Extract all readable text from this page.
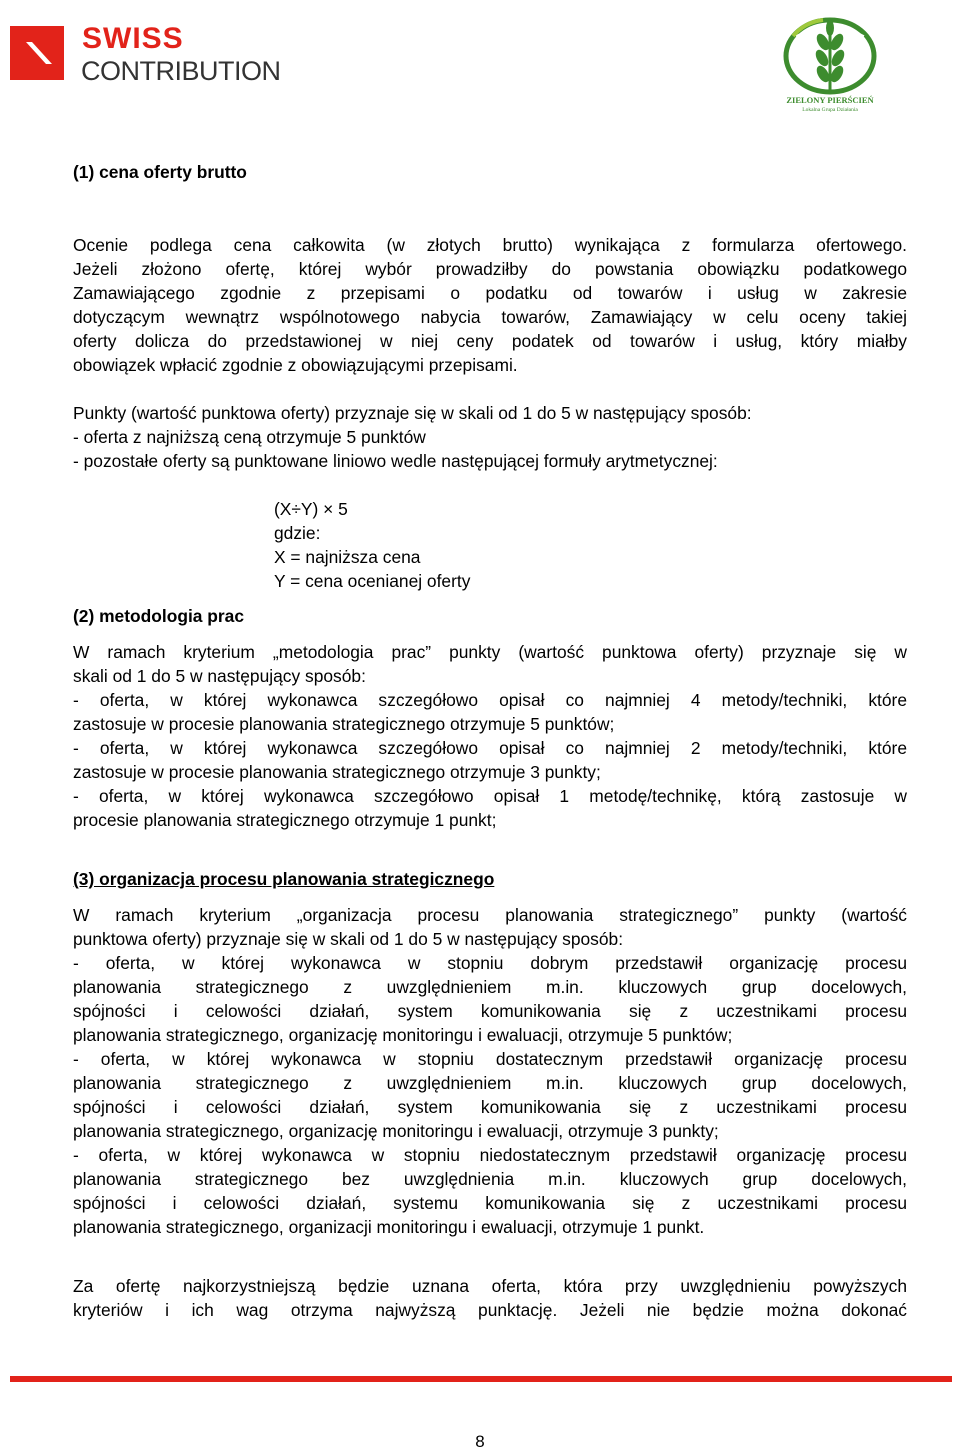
SWISS
CONTRIBUTION
ZIELONY PIERŚCIEŃ
Lokalna Grupa Działania
(1) cena oferty brutto
Ocenie podlega cena całkowita (w złotych brutto) wynikająca z formularza ofertowego.
Jeżeli złożono ofertę, której wybór prowadziłby do powstania obowiązku podatkowego
Zamawiającego zgodnie z przepisami o podatku od towarów i usług w zakresie
dotyczącym wewnątrz wspólnotowego nabycia towarów, Zamawiający w celu oceny takiej
oferty dolicza do przedstawionej w niej ceny podatek od towarów i usług, który miałby
obowiązek wpłacić zgodnie z obowiązującymi przepisami.
Punkty (wartość punktowa oferty) przyznaje się w skali od 1 do 5 w następujący sposób:
- oferta z najniższą ceną otrzymuje 5 punktów
- pozostałe oferty są punktowane liniowo wedle następującej formuły arytmetycznej:
(X÷Y) × 5
gdzie:
X = najniższa cena
Y = cena ocenianej oferty
(2) metodologia prac
W ramach kryterium „metodologia prac” punkty (wartość punktowa oferty) przyznaje się w
skali od 1 do 5 w następujący sposób:
- oferta, w której wykonawca szczegółowo opisał co najmniej 4 metody/techniki, które
zastosuje w procesie planowania strategicznego otrzymuje 5 punktów;
- oferta, w której wykonawca szczegółowo opisał co najmniej 2 metody/techniki, które
zastosuje w procesie planowania strategicznego otrzymuje 3 punkty;
- oferta, w której wykonawca szczegółowo opisał 1 metodę/technikę, którą zastosuje w
procesie planowania strategicznego otrzymuje 1 punkt;
(3) organizacja procesu planowania strategicznego
W ramach kryterium „organizacja procesu planowania strategicznego” punkty (wartość
punktowa oferty) przyznaje się w skali od 1 do 5 w następujący sposób:
- oferta, w której wykonawca w stopniu dobrym przedstawił organizację procesu
planowania strategicznego z uwzględnieniem m.in. kluczowych grup docelowych,
spójności i celowości działań, system komunikowania się z uczestnikami procesu
planowania strategicznego, organizację monitoringu i ewaluacji, otrzymuje 5 punktów;
- oferta, w której wykonawca w stopniu dostatecznym przedstawił organizację procesu
planowania strategicznego z uwzględnieniem m.in. kluczowych grup docelowych,
spójności i celowości działań, system komunikowania się z uczestnikami procesu
planowania strategicznego, organizację monitoringu i ewaluacji, otrzymuje 3 punkty;
- oferta, w której wykonawca w stopniu niedostatecznym przedstawił organizację procesu
planowania strategicznego bez uwzględnienia m.in. kluczowych grup docelowych,
spójności i celowości działań, systemu komunikowania się z uczestnikami procesu
planowania strategicznego, organizacji monitoringu i ewaluacji, otrzymuje 1 punkt.
Za ofertę najkorzystniejszą będzie uznana oferta, która przy uwzględnieniu powyższych
kryteriów i ich wag otrzyma najwyższą punktację. Jeżeli nie będzie można dokonać
8
